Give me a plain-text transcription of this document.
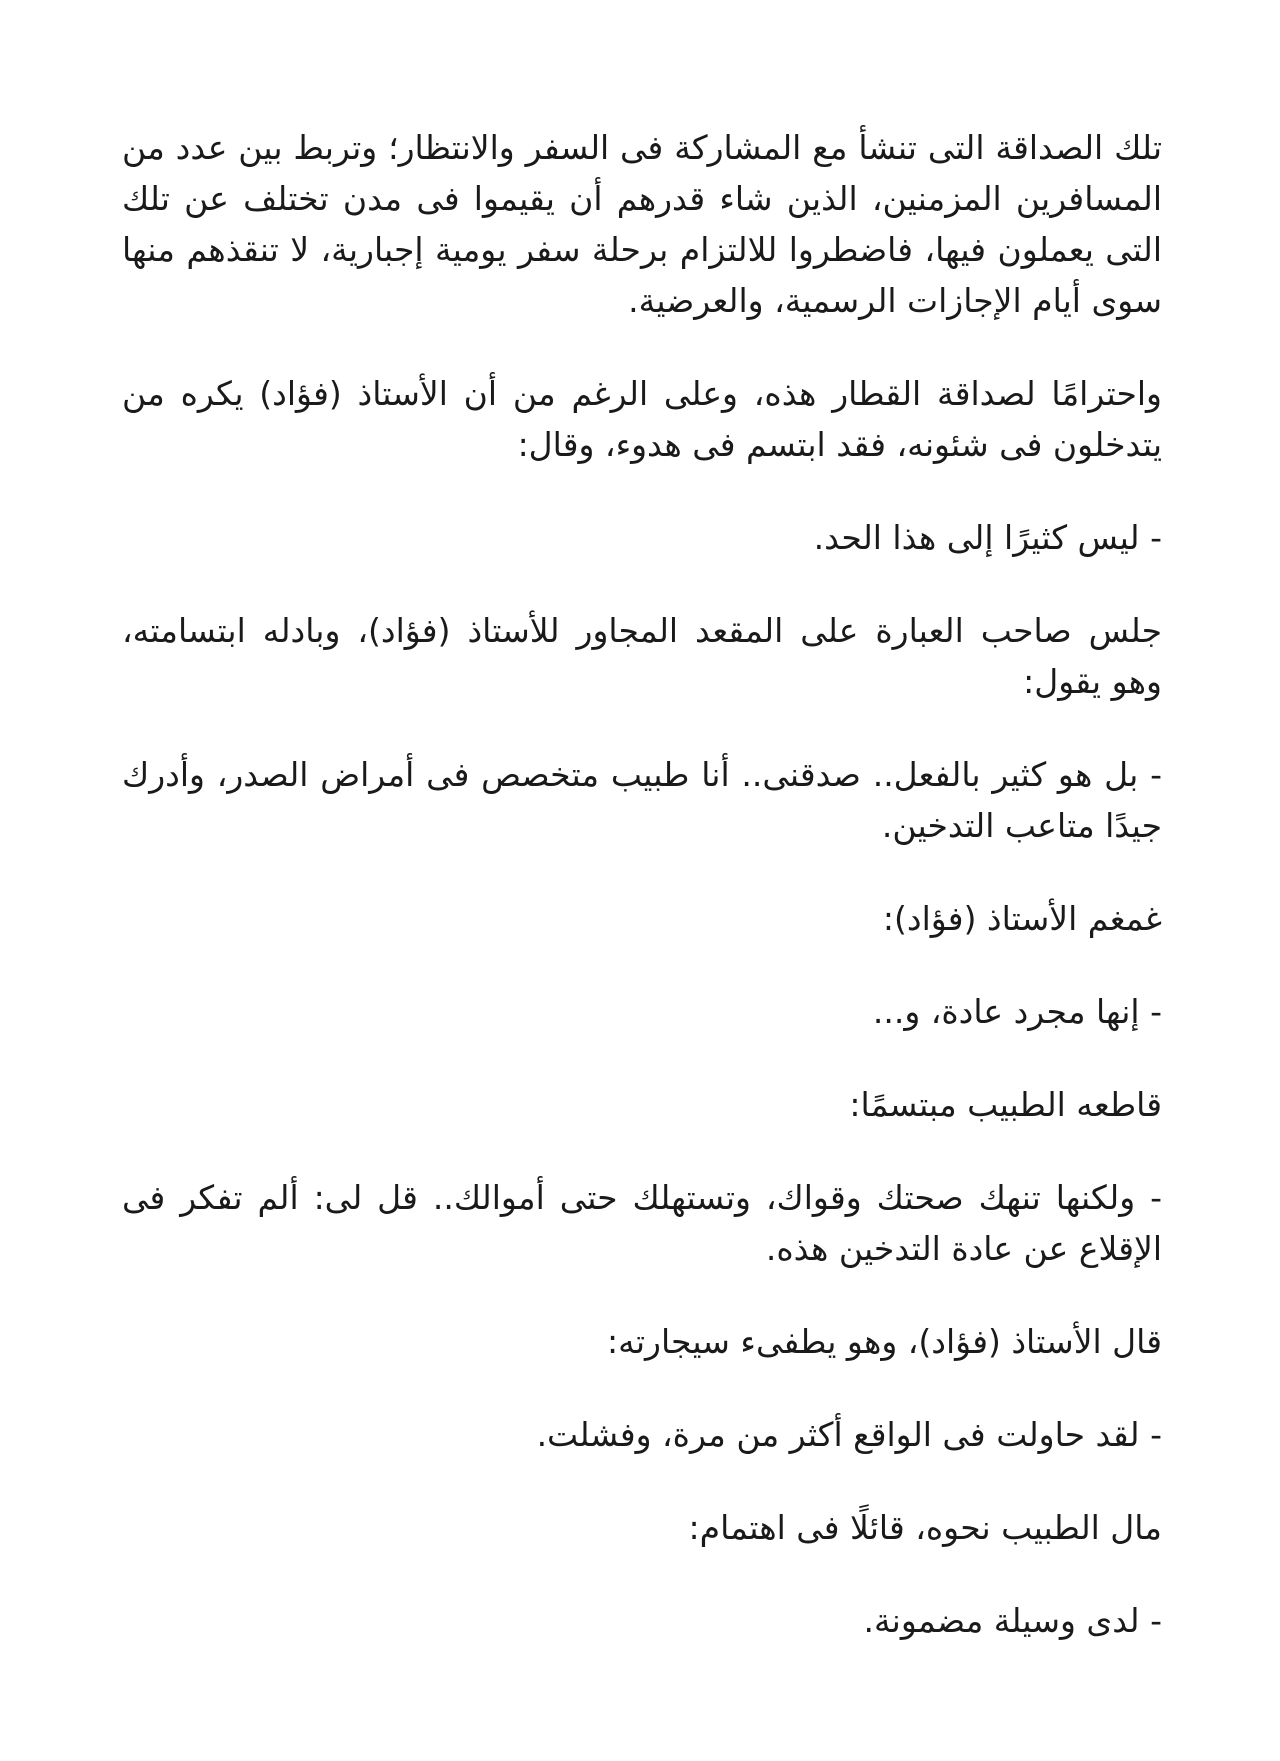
تلك الصداقة التى تنشأ مع المشاركة فى السفر والانتظار؛ وتربط بين عدد من المسافرين المزمنين، الذين شاء قدرهم أن يقيموا فى مدن تختلف عن تلك التى يعملون فيها، فاضطروا للالتزام برحلة سفر يومية إجبارية، لا تنقذهم منها سوى أيام الإجازات الرسمية، والعرضية.

واحترامًا لصداقة القطار هذه، وعلى الرغم من أن الأستاذ (فؤاد) يكره من يتدخلون فى شئونه، فقد ابتسم فى هدوء، وقال:

- ليس كثيرًا إلى هذا الحد.

جلس صاحب العبارة على المقعد المجاور للأستاذ (فؤاد)، وبادله ابتسامته، وهو يقول:

- بل هو كثير بالفعل.. صدقنى.. أنا طبيب متخصص فى أمراض الصدر، وأدرك جيدًا متاعب التدخين.

غمغم الأستاذ (فؤاد):

- إنها مجرد عادة، و...

قاطعه الطبيب مبتسمًا:

- ولكنها تنهك صحتك وقواك، وتستهلك حتى أموالك.. قل لى: ألم تفكر فى الإقلاع عن عادة التدخين هذه.

قال الأستاذ (فؤاد)، وهو يطفىء سيجارته:

- لقد حاولت فى الواقع أكثر من مرة، وفشلت.

مال الطبيب نحوه، قائلًا فى اهتمام:

- لدى وسيلة مضمونة.
